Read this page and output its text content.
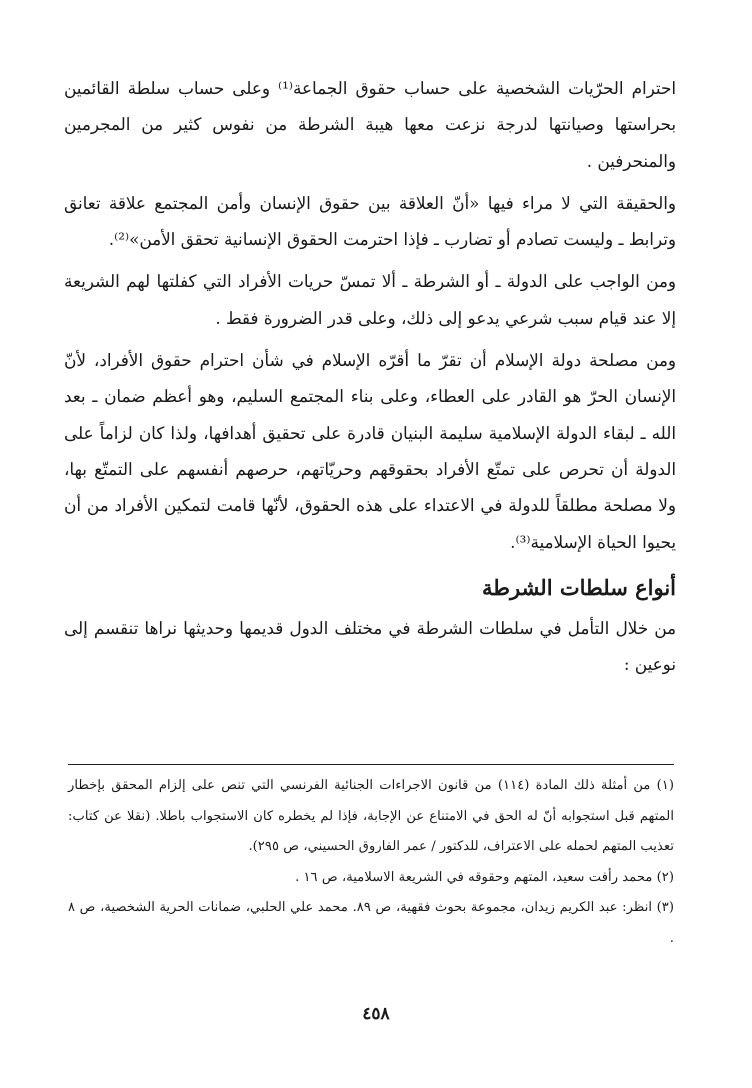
احترام الحرّيات الشخصية على حساب حقوق الجماعة⁽¹⁾ وعلى حساب سلطة القائمين بحراستها وصيانتها لدرجة نزعت معها هيبة الشرطة من نفوس كثير من المجرمين والمنحرفين .

والحقيقة التي لا مراء فيها «أنّ العلاقة بين حقوق الإنسان وأمن المجتمع علاقة تعانق وترابط ـ وليست تصادم أو تضارب ـ فإذا احترمت الحقوق الإنسانية تحقق الأمن»⁽²⁾.

ومن الواجب على الدولة ـ أو الشرطة ـ ألا تمسّ حريات الأفراد التي كفلتها لهم الشريعة إلا عند قيام سبب شرعي يدعو إلى ذلك، وعلى قدر الضرورة فقط .

ومن مصلحة دولة الإسلام أن تقرّ ما أقرّه الإسلام في شأن احترام حقوق الأفراد، لأنّ الإنسان الحرّ هو القادر على العطاء، وعلى بناء المجتمع السليم، وهو أعظم ضمان ـ بعد الله ـ لبقاء الدولة الإسلامية سليمة البنيان قادرة على تحقيق أهدافها، ولذا كان لزاماً على الدولة أن تحرص على تمتّع الأفراد بحقوقهم وحريّاتهم، حرصهم أنفسهم على التمتّع بها، ولا مصلحة مطلقاً للدولة في الاعتداء على هذه الحقوق، لأنّها قامت لتمكين الأفراد من أن يحيوا الحياة الإسلامية⁽³⁾.

أنواع سلطات الشرطة

من خلال التأمل في سلطات الشرطة في مختلف الدول قديمها وحديثها نراها تنقسم إلى نوعين :

(١) من أمثلة ذلك المادة (١١٤) من قانون الاجراءات الجنائية الفرنسي التي تنص على إلزام المحقق بإخطار المتهم قبل استجوابه أنّ له الحق في الامتناع عن الإجابة، فإذا لم يخطره كان الاستجواب باطلا. (نقلا عن كتاب: تعذيب المتهم لحمله على الاعتراف، للدكتور / عمر الفاروق الحسيني، ص ٢٩٥).

(٢) محمد رأفت سعيد، المتهم وحقوقه في الشريعة الاسلامية، ص ١٦ .

(٣) انظر: عبد الكريم زيدان، مجموعة بحوث فقهية، ص ٨٩. محمد علي الحلبي، ضمانات الحرية الشخصية، ص ٨ .

٤٥٨
